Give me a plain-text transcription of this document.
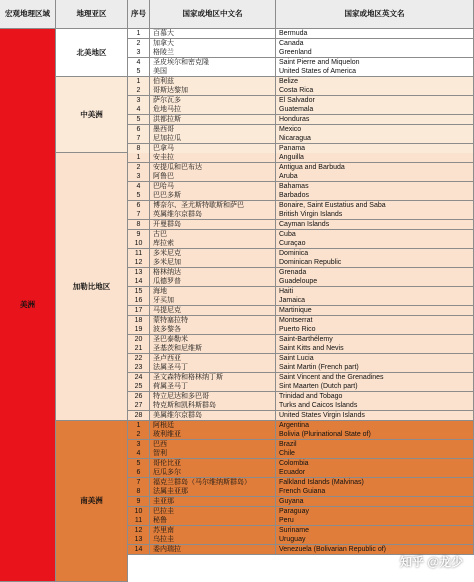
宏观地理区域	地理亚区	序号	国家或地区中文名	国家或地区英文名
美洲
北美地区
1	百慕大	Bermuda
2	加拿大	Canada
3	格陵兰	Greenland
4	圣皮埃尔和密克隆	Saint Pierre and Miquelon
5	美国	United States of America
中美洲
1	伯利兹	Belize
2	哥斯达黎加	Costa Rica
3	萨尔瓦多	El Salvador
4	危地马拉	Guatemala
5	洪都拉斯	Honduras
6	墨西哥	Mexico
7	尼加拉瓜	Nicaragua
8	巴拿马	Panama
加勒比地区
1	安圭拉	Anguilla
2	安提瓜和巴布达	Antigua and Barbuda
3	阿鲁巴	Aruba
4	巴哈马	Bahamas
5	巴巴多斯	Barbados
6	博奈尔、圣尤斯特歇斯和萨巴	Bonaire, Saint Eustatius and Saba
7	英属维尔京群岛	British Virgin Islands
8	开曼群岛	Cayman Islands
9	古巴	Cuba
10	库拉索	Curaçao
11	多米尼克	Dominica
12	多米尼加	Dominican Republic
13	格林纳达	Grenada
14	瓜德罗普	Guadeloupe
15	海地	Haiti
16	牙买加	Jamaica
17	马提尼克	Martinique
18	蒙特塞拉特	Montserrat
19	波多黎各	Puerto Rico
20	圣巴泰勒米	Saint-Barthélemy
21	圣基茨和尼维斯	Saint Kitts and Nevis
22	圣卢西亚	Saint Lucia
23	法属圣马丁	Saint Martin (French part)
24	圣文森特和格林纳丁斯	Saint Vincent and the Grenadines
25	荷属圣马丁	Sint Maarten (Dutch part)
26	特立尼达和多巴哥	Trinidad and Tobago
27	特克斯和凯科斯群岛	Turks and Caicos Islands
28	美属维尔京群岛	United States Virgin Islands
南美洲
1	阿根廷	Argentina
2	玻利维亚	Bolivia (Plurinational State of)
3	巴西	Brazil
4	智利	Chile
5	哥伦比亚	Colombia
6	厄瓜多尔	Ecuador
7	福克兰群岛（马尔维纳斯群岛）	Falkland Islands (Malvinas)
8	法属圭亚那	French Guiana
9	圭亚那	Guyana
10	巴拉圭	Paraguay
11	秘鲁	Peru
12	苏里南	Suriname
13	乌拉圭	Uruguay
14	委内瑞拉	Venezuela (Bolivarian Republic of)
知乎 @龙少
